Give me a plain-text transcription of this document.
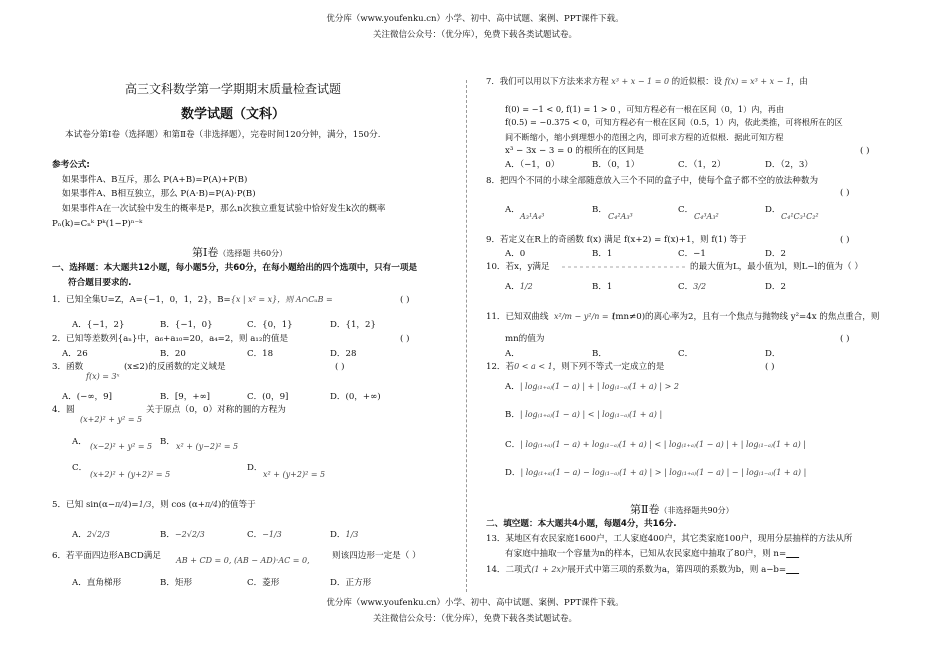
优分库（www.youfenku.cn）小学、初中、高中试题、案例、PPT课件下载。
关注微信公众号：（优分库），免费下载各类试题试卷。
高三文科数学第一学期期末质量检查试题
数学试题（文科）
本试卷分第Ⅰ卷（选择题）和第Ⅱ卷（非选择题），完卷时间120分钟，满分，150分.
参考公式:
如果事件A、B互斥，那么 P(A+B)=P(A)+P(B)
如果事件A、B相互独立，那么 P(A·B)=P(A)·P(B)
如果事件A在一次试验中发生的概率是P，那么n次独立重复试验中恰好发生k次的概率
Pₙ(k)=Cₙᵏ Pᵏ(1−P)ⁿ⁻ᵏ
第Ⅰ卷（选择题 共60分）
一、选择题：本大题共12小题，每小题5分，共60分，在每小题给出的四个选项中，只有一项是
符合题目要求的.
1．已知全集U=Z，A={−1，0，1，2}，B={x | x² = x}，则 A∩CᵤB =	( )
A．{−1，2}	B．{−1，0}	C．{0，1}	D．{1，2}
2．已知等差数列{aₙ}中，a₆+a₁₀=20，a₄=2，则 a₁₂的值是	( )
A．26	B．20	C．18	D．28
3．函数
f(x) = 3ˣ
(x≤2)的反函数的定义域是	( )
A．(−∞，9]	B．[9，+∞]	C．(0，9]	D．(0，+∞)
4．圆
(x+2)² + y² = 5
关于原点（0，0）对称的圆的方程为
A． (x−2)² + y² = 5 B． x² + (y−2)² = 5
C．
(x+2)² + (y+2)² = 5
D．
x² + (y+2)² = 5
5．已知 sin(α−π/4)=1/3，则 cos (α+π/4)的值等于
A．2√2/3	B．−2√2/3	C．−1/3	D．1/3
6．若平面四边形ABCD满足 AB + CD = 0, (AB − AD)·AC = 0,	则该四边形一定是（ ）
A．直角梯形	B．矩形	C．菱形	D．正方形
7．我们可以用以下方法来求方程 x³ + x − 1 = 0 的近似根：设 f(x) = x³ + x − 1，由
f(0) = −1 < 0, f(1) = 1 > 0 ，可知方程必有一根在区间（0，1）内，再由
f(0.5) = −0.375 < 0，可知方程必有一根在区间（0.5，1）内，依此类推，可将根所在的区
间不断缩小，缩小到理想小的范围之内，即可求方程的近似根．据此可知方程
x³ − 3x − 3 = 0 的根所在的区间是	( )
A．（−1，0）	B．（0，1）	C．（1，2）	D．（2，3）
8．把四个不同的小球全部随意放入三个不同的盒子中，使每个盒子都不空的放法种数为
( )
A．
A₃¹A₄³
B．
C₄²A₃³
C．
C₄³A₃²
D．
C₄¹C₃¹C₂²
9．若定义在R上的奇函数 f(x) 满足 f(x+2) = f(x)+1，则 f(1) 等于	( )
A．0	B．1	C．−1	D．2
10．若x，y满足	的最大值为L，最小值为l，则L−l的值为（ ）
A．1/2	B．1	C．3/2	D．2
11．已知双曲线 x²/m − y²/n = 1
(mn≠0)的离心率为2，且有一个焦点与抛物线 y²=4x 的焦点重合，则
mn的值为	( )
A．	B．	C．	D．
12．若0 < a < 1，则下列不等式一定成立的是	( )
A．| log₍₁₊ₐ₎(1 − a) | + | log₍₁₋ₐ₎(1 + a) | > 2
B．| log₍₁₊ₐ₎(1 − a) | < | log₍₁₋ₐ₎(1 + a) |
C．| log₍₁₊ₐ₎(1 − a) + log₍₁₋ₐ₎(1 + a) | < | log₍₁₊ₐ₎(1 − a) | + | log₍₁₋ₐ₎(1 + a) |
D．| log₍₁₊ₐ₎(1 − a) − log₍₁₋ₐ₎(1 + a) | > | log₍₁₊ₐ₎(1 − a) | − | log₍₁₋ₐ₎(1 + a) |
第Ⅱ卷（非选择题共90分）
二、填空题：本大题共4小题，每题4分，共16分.
13．某地区有农民家庭1600户，工人家庭400户，其它类家庭100户，现用分层抽样的方法从所
有家庭中抽取一个容量为n的样本，已知从农民家庭中抽取了80户，则 n=___
14．二项式(1 + 2x)ⁿ展开式中第三项的系数为a，第四项的系数为b，则 a−b=___
优分库（www.youfenku.cn）小学、初中、高中试题、案例、PPT课件下载。
关注微信公众号：（优分库），免费下载各类试题试卷。
